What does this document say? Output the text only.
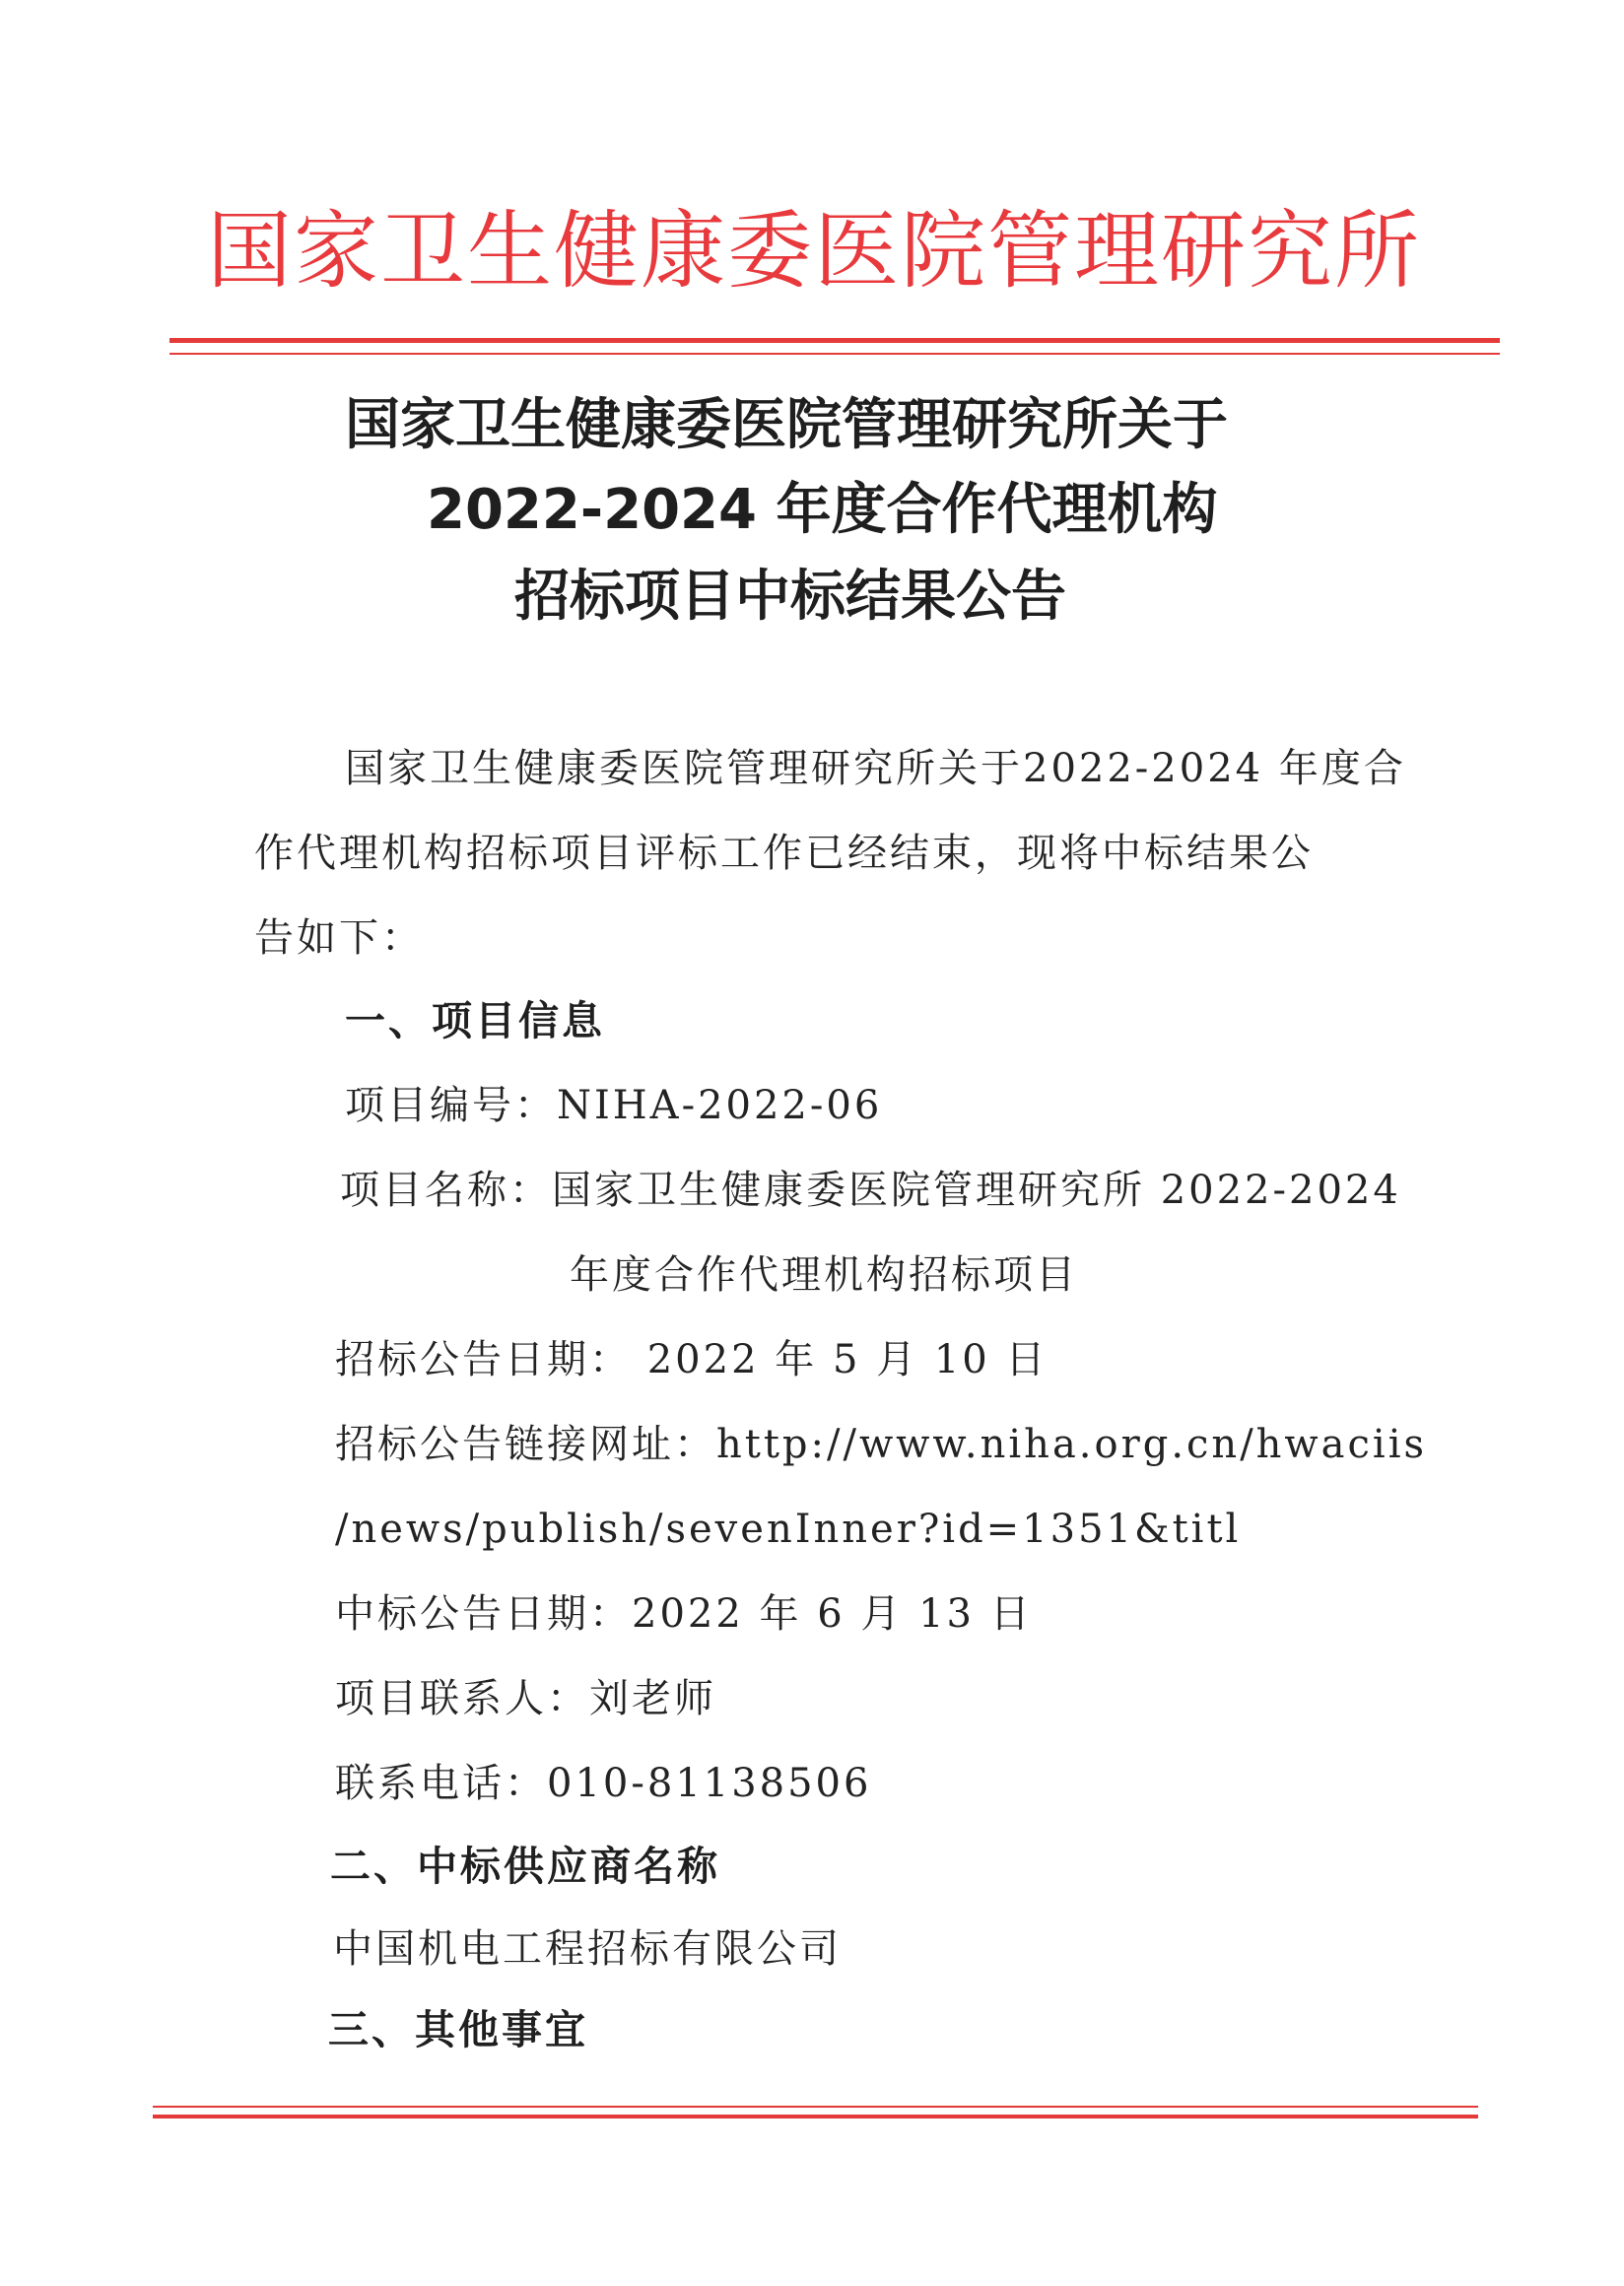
国家卫生健康委医院管理研究所
国家卫生健康委医院管理研究所关于
2022-2024 年度合作代理机构
招标项目中标结果公告
国家卫生健康委医院管理研究所关于2022-2024 年度合
作代理机构招标项目评标工作已经结束，现将中标结果公
告如下：
一、项目信息
项目编号：NIHA-2022-06
项目名称：国家卫生健康委医院管理研究所 2022-2024
年度合作代理机构招标项目
招标公告日期： 2022 年 5 月 10 日
招标公告链接网址：http://www.niha.org.cn/hwaciis
/news/publish/sevenInner?id=1351&titl
中标公告日期：2022 年 6 月 13 日
项目联系人：刘老师
联系电话：010-81138506
二、中标供应商名称
中国机电工程招标有限公司
三、其他事宜
